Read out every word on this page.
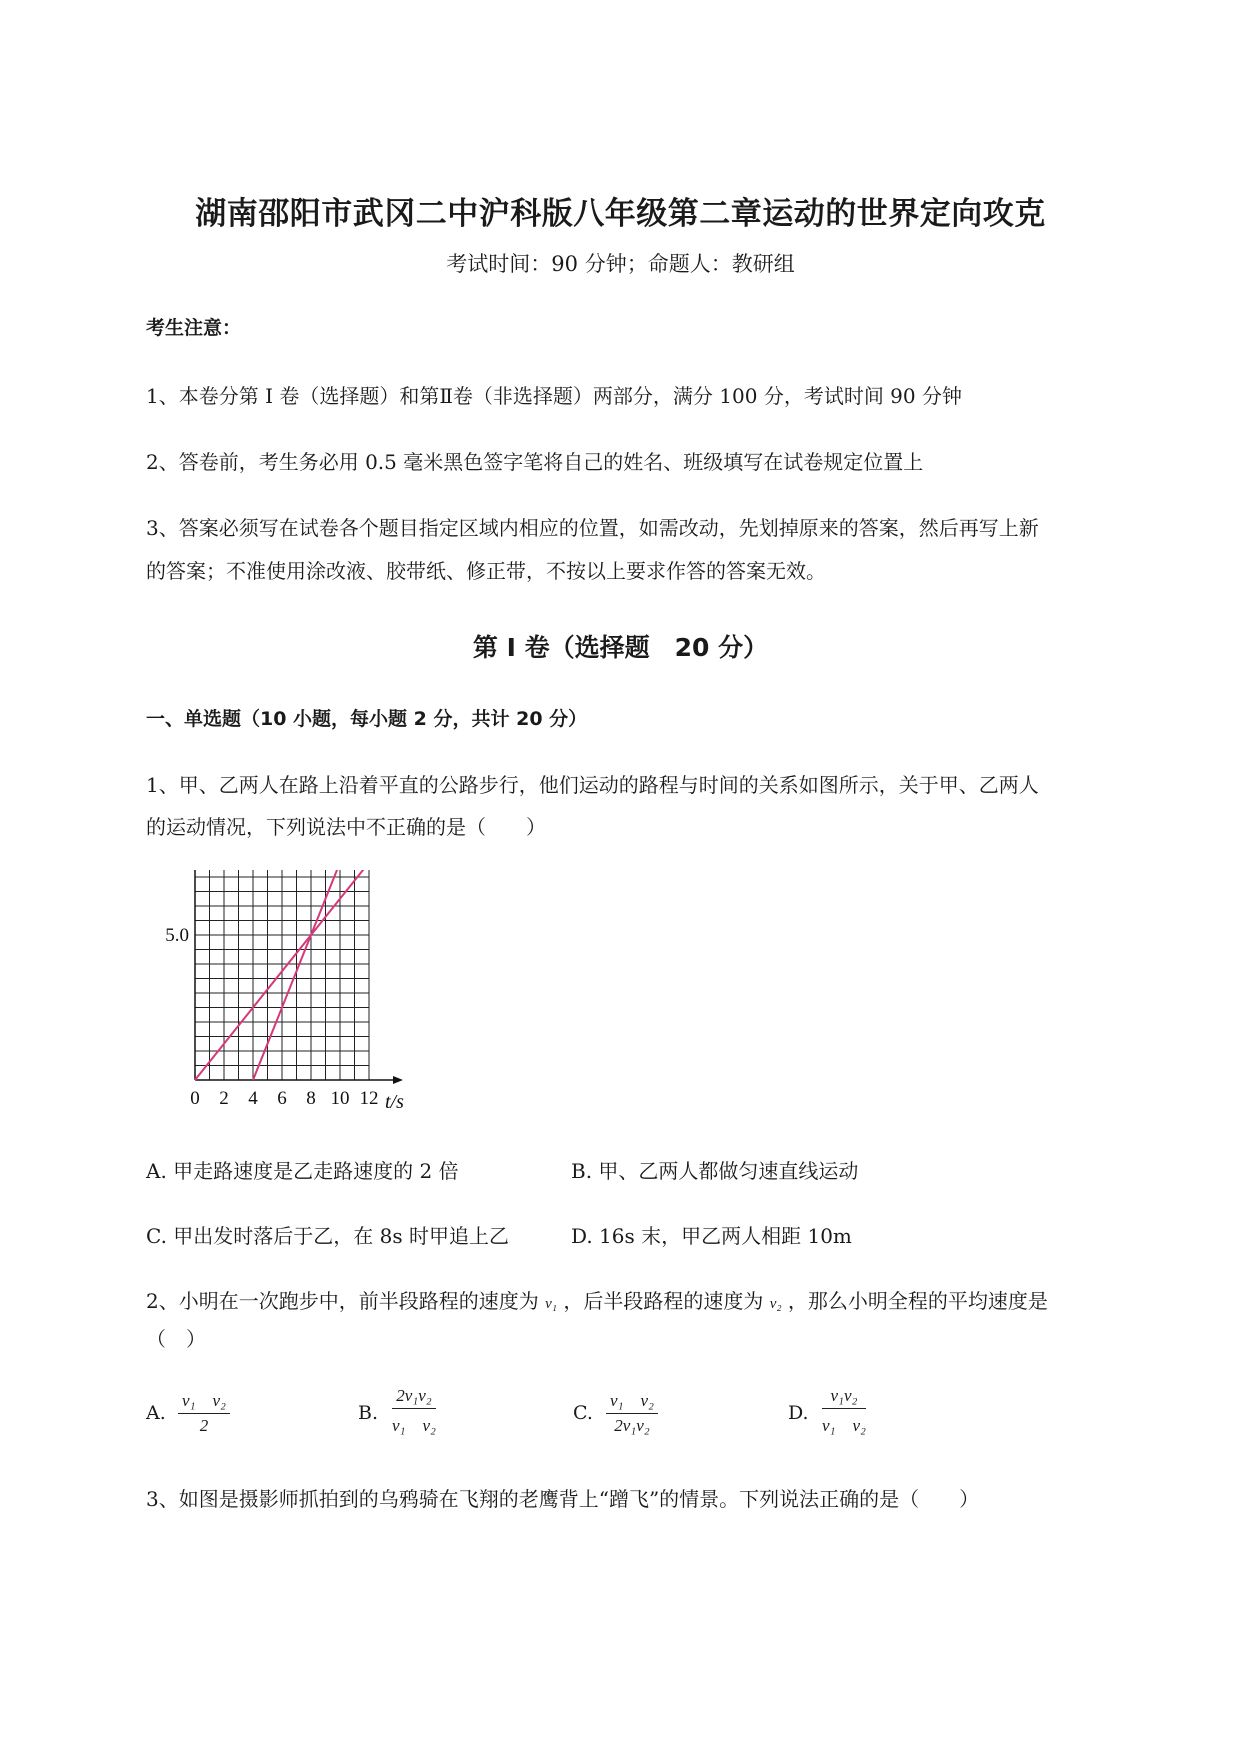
湖南邵阳市武冈二中沪科版八年级第二章运动的世界定向攻克
考试时间：90 分钟；命题人：教研组
考生注意：
1、本卷分第 I 卷（选择题）和第Ⅱ卷（非选择题）两部分，满分 100 分，考试时间 90 分钟
2、答卷前，考生务必用 0.5 毫米黑色签字笔将自己的姓名、班级填写在试卷规定位置上
3、答案必须写在试卷各个题目指定区域内相应的位置，如需改动，先划掉原来的答案，然后再写上新
的答案；不准使用涂改液、胶带纸、修正带，不按以上要求作答的答案无效。
第 I 卷（选择题　20 分）
一、单选题（10 小题，每小题 2 分，共计 20 分）
1、甲、乙两人在路上沿着平直的公路步行，他们运动的路程与时间的关系如图所示，关于甲、乙两人
的运动情况，下列说法中不正确的是（　　）
0 2 4 6 8 10 12
5.0
t/s
A. 甲走路速度是乙走路速度的 2 倍	B. 甲、乙两人都做匀速直线运动
C. 甲出发时落后于乙，在 8s 时甲追上乙	D. 16s 末，甲乙两人相距 10m
2、小明在一次跑步中，前半段路程的速度为 v₁ ，后半段路程的速度为 v₂ ，那么小明全程的平均速度是
（　）
A. $\frac{\text{v₁　v₂}}{2}$	B. $\frac{\text{2v₁v₂}}{\text{v₁　v₂}}$	C. $\frac{\text{v₁　v₂}}{\text{2v₁v₂}}$	D. $\frac{\text{v₁v₂}}{\text{v₁　v₂}}$
3、如图是摄影师抓拍到的乌鸦骑在飞翔的老鹰背上“蹭飞”的情景。下列说法正确的是（　　）
